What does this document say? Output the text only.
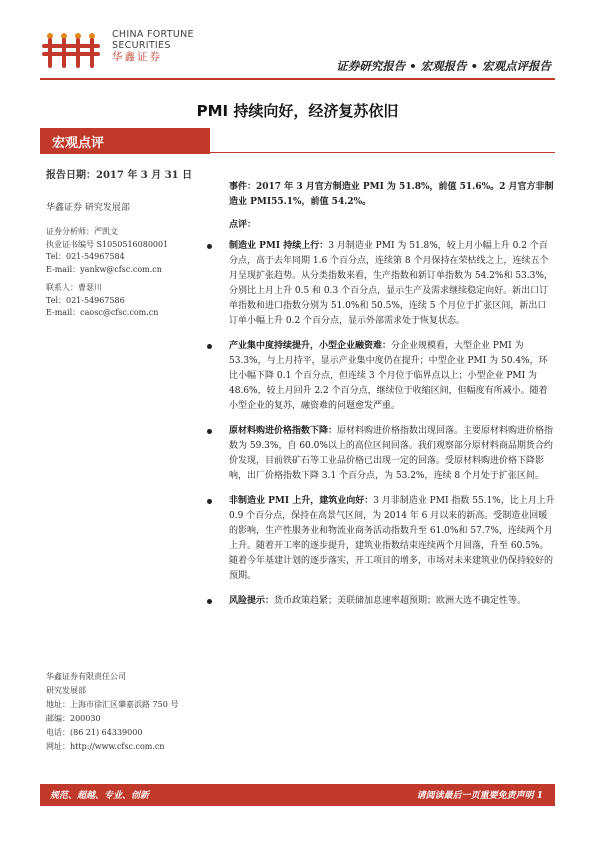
CHINA FORTUNE
SECURITIES
华鑫证券
证券研究报告 • 宏观报告 • 宏观点评报告
PMI 持续向好，经济复苏依旧
宏观点评
报告日期：2017 年 3 月 31 日
华鑫证券 研究发展部
证券分析师：严凯文
执业证书编号 S1050516080001
Tel：021-54967584
E-mail：yankw@cfsc.com.cn
联系人：曹瑟川
Tel：021-54967586
E-mail：caosc@cfsc.com.cn
华鑫证券有限责任公司
研究发展部
地址：上海市徐汇区肇嘉浜路 750 号
邮编：200030
电话：(86 21) 64339000
网址：http://www.cfsc.com.cn
事件：2017 年 3 月官方制造业 PMI 为 51.8%，前值 51.6%。2 月官方非制造业 PMI55.1%，前值 54.2%。
点评：
制造业 PMI 持续上行：3 月制造业 PMI 为 51.8%，较上月小幅上升 0.2 个百分点，高于去年同期 1.6 个百分点，连续第 8 个月保持在荣枯线之上，连续五个月呈现扩张趋势。从分类指数来看，生产指数和新订单指数为 54.2%和 53.3%，分别比上月上升 0.5 和 0.3 个百分点，显示生产及需求继续稳定向好。新出口订单指数和进口指数分别为 51.0%和 50.5%，连续 5 个月位于扩张区间，新出口订单小幅上升 0.2 个百分点，显示外部需求处于恢复状态。
产业集中度持续提升，小型企业融资难：分企业规模看，大型企业 PMI 为 53.3%，与上月持平，显示产业集中度仍在提升；中型企业 PMI 为 50.4%，环比小幅下降 0.1 个百分点，但连续 3 个月位于临界点以上；小型企业 PMI 为 48.6%，较上月回升 2.2 个百分点，继续位于收缩区间，但幅度有所减小。随着小型企业的复苏，融资难的问题愈发严重。
原材料购进价格指数下降：原材料购进价格指数出现回落。主要原材料购进价格指数为 59.3%，自 60.0%以上的高位区间回落。我们观察部分原材料商品期货合约价发现，目前铁矿石等工业品价格已出现一定的回落。受原材料购进价格下降影响，出厂价格指数下降 3.1 个百分点，为 53.2%，连续 8 个月处于扩张区间。
非制造业 PMI 上升，建筑业向好：3 月非制造业 PMI 指数 55.1%，比上月上升 0.9 个百分点，保持在高景气区间，为 2014 年 6 月以来的新高。受制造业回暖的影响，生产性服务业和物流业商务活动指数升至 61.0%和 57.7%，连续两个月上升。随着开工率的逐步提升，建筑业指数结束连续两个月回落，升至 60.5%。随着今年基建计划的逐步落实，开工项目的增多，市场对未来建筑业仍保持较好的预期。
风险提示：货币政策趋紧；美联储加息速率超预期；欧洲大选不确定性等。
规范、超越、专业、创新	请阅读最后一页重要免责声明 1
